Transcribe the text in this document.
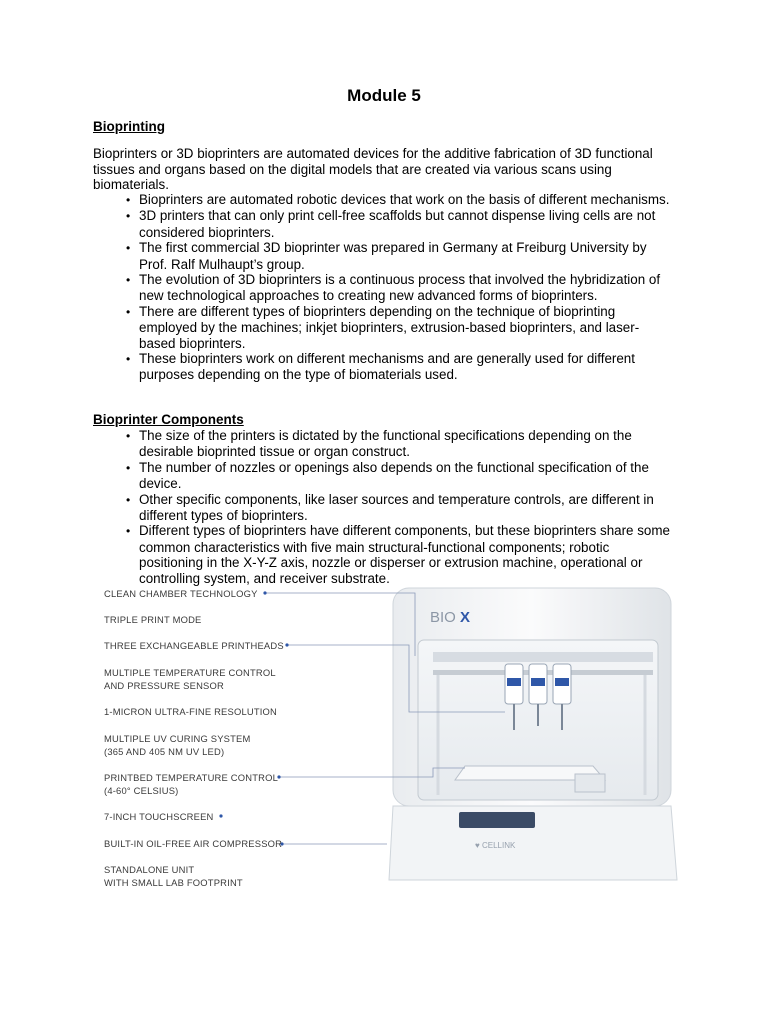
Module 5
Bioprinting

Bioprinters or 3D bioprinters are automated devices for the additive fabrication of 3D functional tissues and organs based on the digital models that are created via various scans using biomaterials.

• Bioprinters are automated robotic devices that work on the basis of different mechanisms.
• 3D printers that can only print cell-free scaffolds but cannot dispense living cells are not considered bioprinters.
• The first commercial 3D bioprinter was prepared in Germany at Freiburg University by Prof. Ralf Mulhaupt’s group.
• The evolution of 3D bioprinters is a continuous process that involved the hybridization of new technological approaches to creating new advanced forms of bioprinters.
• There are different types of bioprinters depending on the technique of bioprinting employed by the machines; inkjet bioprinters, extrusion-based bioprinters, and laser-based bioprinters.
• These bioprinters work on different mechanisms and are generally used for different purposes depending on the type of biomaterials used.
Bioprinter Components
• The size of the printers is dictated by the functional specifications depending on the desirable bioprinted tissue or organ construct.
• The number of nozzles or openings also depends on the functional specification of the device.
• Other specific components, like laser sources and temperature controls, are different in different types of bioprinters.
• Different types of bioprinters have different components, but these bioprinters share some common characteristics with five main structural-functional components; robotic positioning in the X-Y-Z axis, nozzle or disperser or extrusion machine, operational or controlling system, and receiver substrate.
BIO X
♥ CELLINK
CLEAN CHAMBER TECHNOLOGY
TRIPLE PRINT MODE
THREE EXCHANGEABLE PRINTHEADS
MULTIPLE TEMPERATURE CONTROL
AND PRESSURE SENSOR
1-MICRON ULTRA-FINE RESOLUTION
MULTIPLE UV CURING SYSTEM
(365 AND 405 NM UV LED)
PRINTBED TEMPERATURE CONTROL
(4-60° CELSIUS)
7-INCH TOUCHSCREEN
BUILT-IN OIL-FREE AIR COMPRESSOR
STANDALONE UNIT
WITH SMALL LAB FOOTPRINT
